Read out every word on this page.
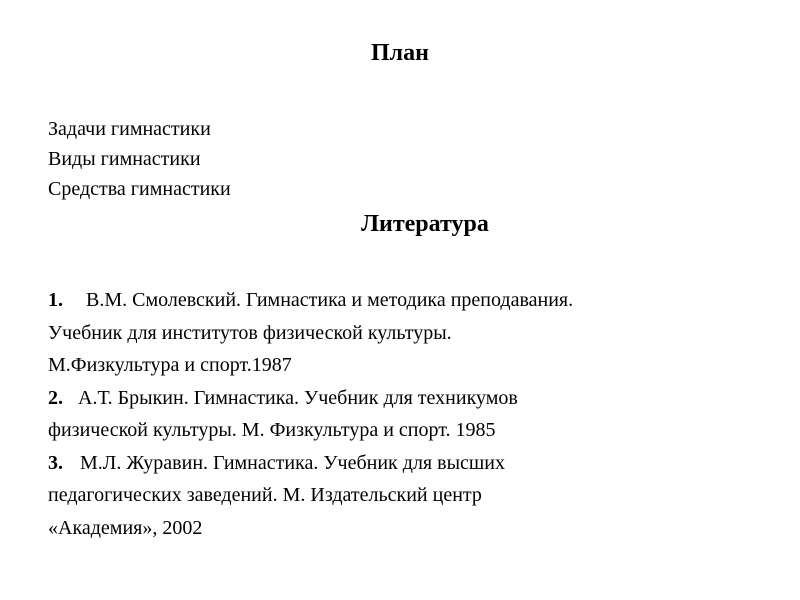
План
Задачи гимнастики
Виды гимнастики
Средства гимнастики
Литература
1. В.М. Смолевский. Гимнастика и методика преподавания.
Учебник для институтов физической культуры.
М.Физкультура и спорт.1987
2. А.Т. Брыкин. Гимнастика. Учебник для техникумов
физической культуры. М. Физкультура и спорт. 1985
3. М.Л. Журавин. Гимнастика. Учебник для высших
педагогических заведений. М. Издательский центр
«Академия», 2002
